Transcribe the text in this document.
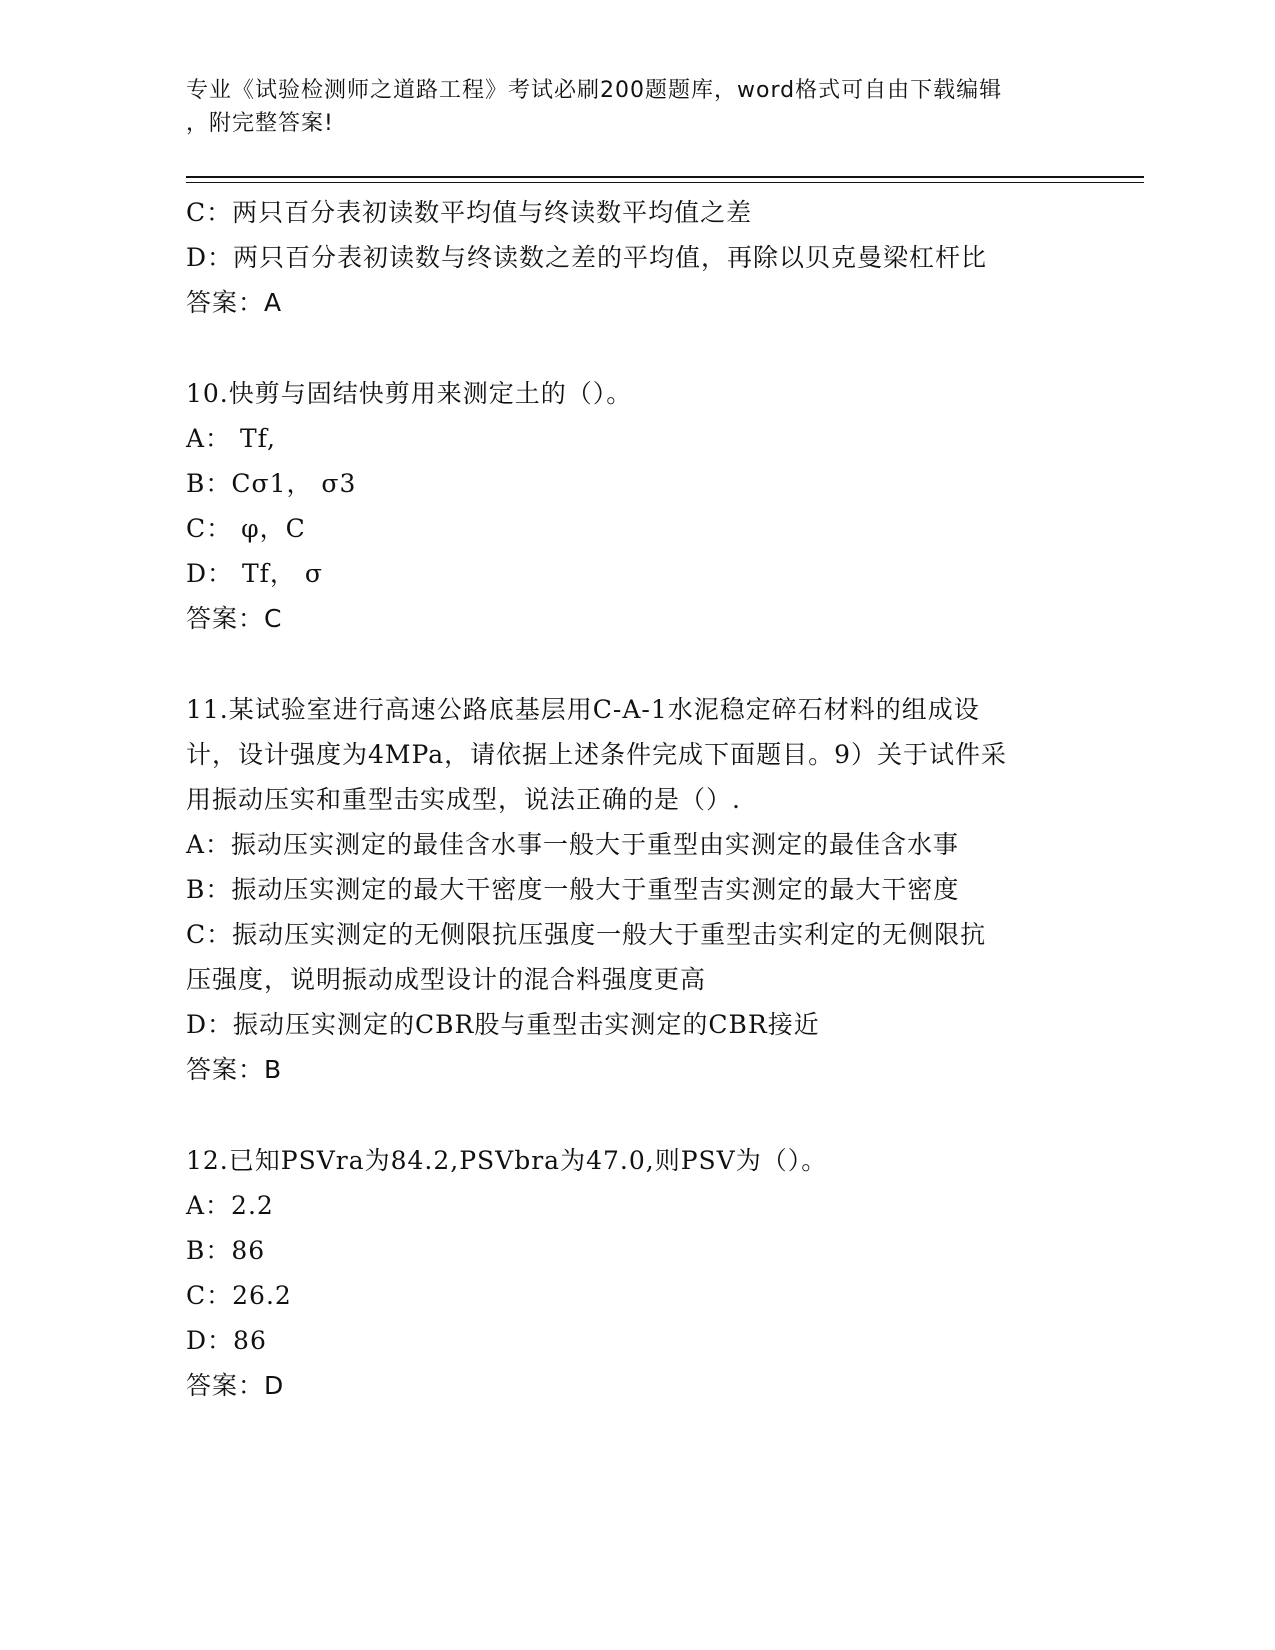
专业《试验检测师之道路工程》考试必刷200题题库，word格式可自由下载编辑
，附完整答案!
C：两只百分表初读数平均值与终读数平均值之差
D：两只百分表初读数与终读数之差的平均值，再除以贝克曼梁杠杆比
答案：A
10.快剪与固结快剪用来测定土的（）。
A： Tf,
B：Cσ1， σ3
C： φ，C
D： Tf， σ
答案：C
11.某试验室进行高速公路底基层用C-A-1水泥稳定碎石材料的组成设
计，设计强度为4MPa，请依据上述条件完成下面题目。9）关于试件采
用振动压实和重型击实成型，说法正确的是（）.
A：振动压实测定的最佳含水事一般大于重型由实测定的最佳含水事
B：振动压实测定的最大干密度一般大于重型吉实测定的最大干密度
C：振动压实测定的无侧限抗压强度一般大于重型击实利定的无侧限抗
压强度，说明振动成型设计的混合料强度更高
D：振动压实测定的CBR股与重型击实测定的CBR接近
答案：B
12.已知PSVra为84.2,PSVbra为47.0,则PSV为（）。
A：2.2
B：86
C：26.2
D：86
答案：D
